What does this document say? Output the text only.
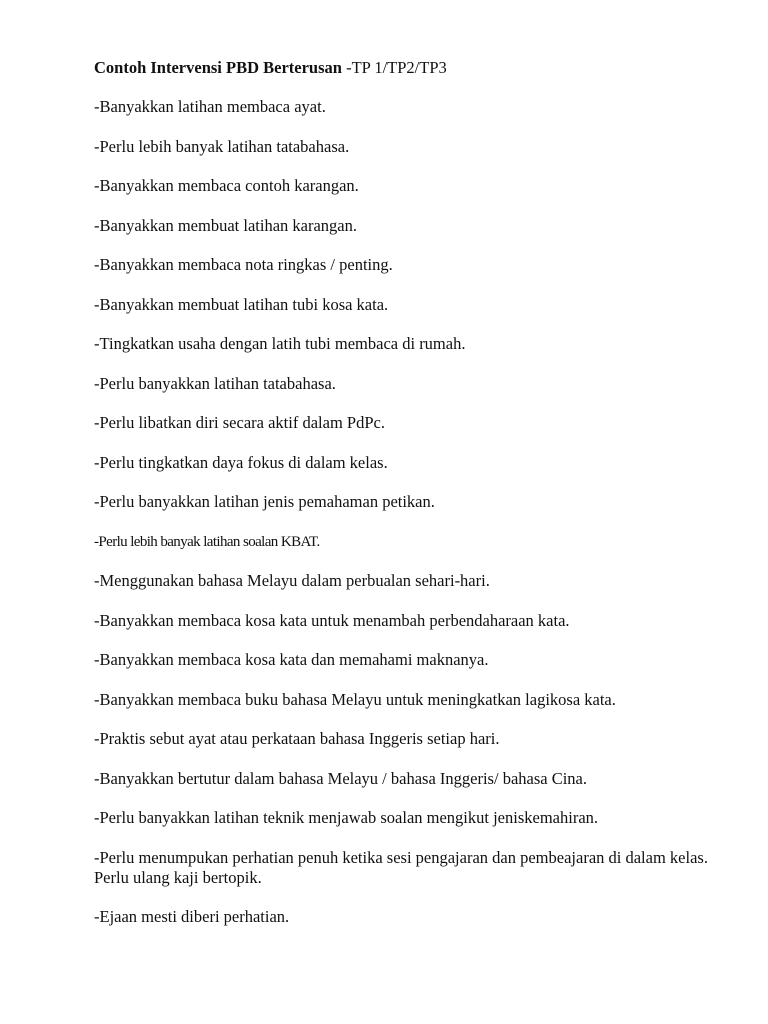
Contoh Intervensi PBD Berterusan -TP 1/TP2/TP3

-Banyakkan latihan membaca ayat.

-Perlu lebih banyak latihan tatabahasa.

-Banyakkan membaca contoh karangan.

-Banyakkan membuat latihan karangan.

-Banyakkan membaca nota ringkas / penting.

-Banyakkan membuat latihan tubi kosa kata.

-Tingkatkan usaha dengan latih tubi membaca di rumah.

-Perlu banyakkan latihan tatabahasa.

-Perlu libatkan diri secara aktif dalam PdPc.

-Perlu tingkatkan daya fokus di dalam kelas.

-Perlu banyakkan latihan jenis pemahaman petikan.

-Perlu lebih banyak latihan soalan KBAT.

-Menggunakan bahasa Melayu dalam perbualan sehari-hari.

-Banyakkan membaca kosa kata untuk menambah perbendaharaan kata.

-Banyakkan membaca kosa kata dan memahami maknanya.

-Banyakkan membaca buku bahasa Melayu untuk meningkatkan lagikosa kata.

-Praktis sebut ayat atau perkataan bahasa Inggeris setiap hari.

-Banyakkan bertutur dalam bahasa Melayu / bahasa Inggeris/ bahasa Cina.

-Perlu banyakkan latihan teknik menjawab soalan mengikut jeniskemahiran.

-Perlu menumpukan perhatian penuh ketika sesi pengajaran dan pembeajaran di dalam kelas.

Perlu ulang kaji bertopik.

-Ejaan mesti diberi perhatian.
